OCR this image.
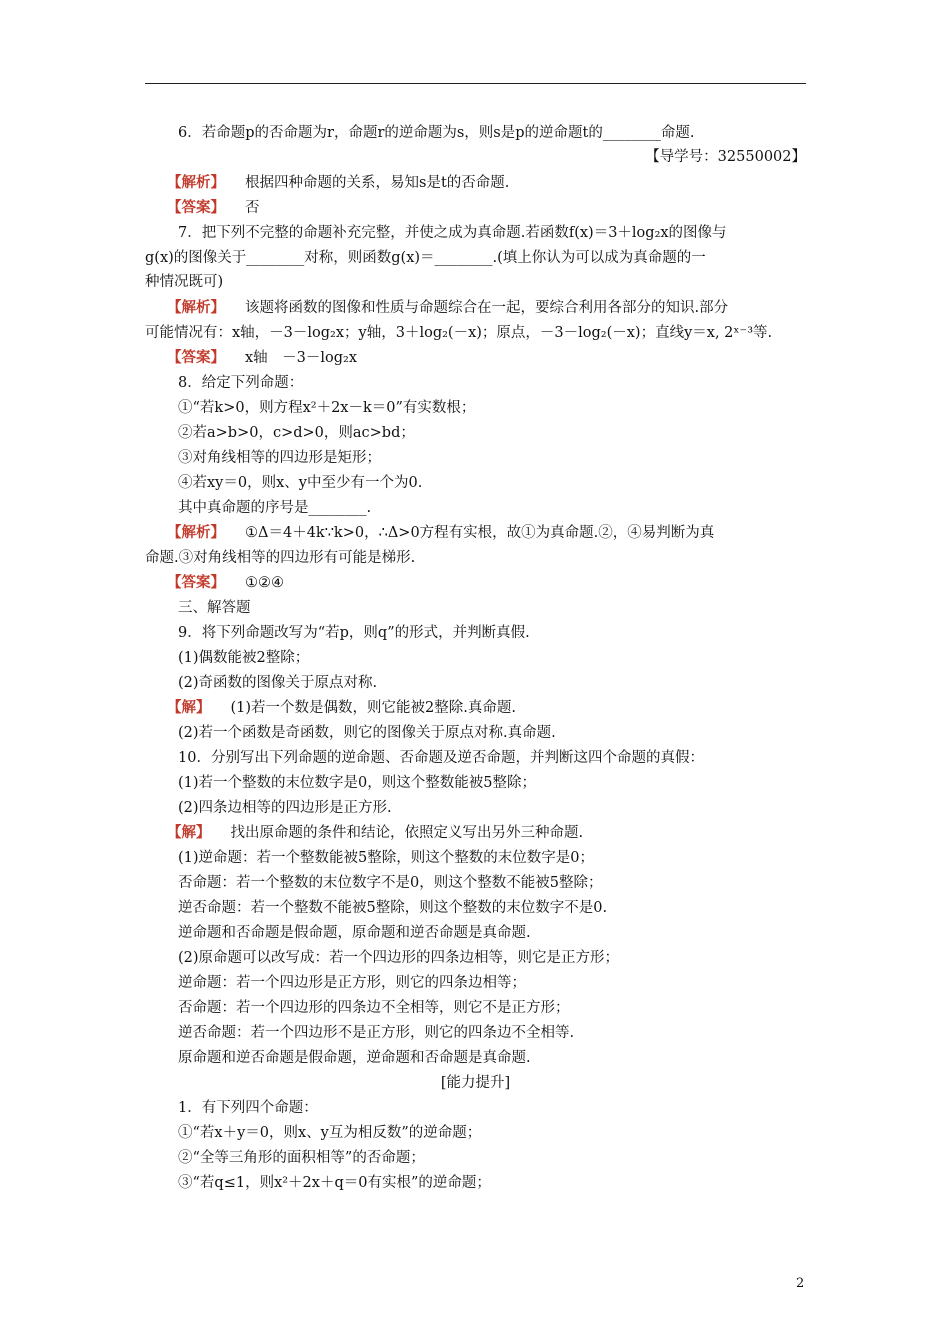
6．若命题p的否命题为r，命题r的逆命题为s，则s是p的逆命题t的________命题.
【导学号：32550002】
【解析】 根据四种命题的关系，易知s是t的否命题.
【答案】 否
7．把下列不完整的命题补充完整，并使之成为真命题.若函数f(x)＝3＋log₂x的图像与
g(x)的图像关于________对称，则函数g(x)＝________.(填上你认为可以成为真命题的一
种情况既可)
【解析】 该题将函数的图像和性质与命题综合在一起，要综合利用各部分的知识.部分
可能情况有：x轴，－3－log₂x；y轴，3＋log₂(－x)；原点，－3－log₂(－x)；直线y＝x, 2ˣ⁻³等.
【答案】 x轴　－3－log₂x
8．给定下列命题：
①“若k>0，则方程x²＋2x－k＝0”有实数根；
②若a>b>0，c>d>0，则ac>bd；
③对角线相等的四边形是矩形；
④若xy＝0，则x、y中至少有一个为0.
其中真命题的序号是________.
【解析】 ①Δ＝4＋4k∵k>0，∴Δ>0方程有实根，故①为真命题.②，④易判断为真
命题.③对角线相等的四边形有可能是梯形.
【答案】 ①②④
三、解答题
9．将下列命题改写为“若p，则q”的形式，并判断真假.
(1)偶数能被2整除；
(2)奇函数的图像关于原点对称.
【解】 (1)若一个数是偶数，则它能被2整除.真命题.
(2)若一个函数是奇函数，则它的图像关于原点对称.真命题.
10．分别写出下列命题的逆命题、否命题及逆否命题，并判断这四个命题的真假：
(1)若一个整数的末位数字是0，则这个整数能被5整除；
(2)四条边相等的四边形是正方形.
【解】 找出原命题的条件和结论，依照定义写出另外三种命题.
(1)逆命题：若一个整数能被5整除，则这个整数的末位数字是0；
否命题：若一个整数的末位数字不是0，则这个整数不能被5整除；
逆否命题：若一个整数不能被5整除，则这个整数的末位数字不是0.
逆命题和否命题是假命题，原命题和逆否命题是真命题.
(2)原命题可以改写成：若一个四边形的四条边相等，则它是正方形；
逆命题：若一个四边形是正方形，则它的四条边相等；
否命题：若一个四边形的四条边不全相等，则它不是正方形；
逆否命题：若一个四边形不是正方形，则它的四条边不全相等.
原命题和逆否命题是假命题，逆命题和否命题是真命题.
[能力提升]
1．有下列四个命题：
①“若x＋y＝0，则x、y互为相反数”的逆命题；
②“全等三角形的面积相等”的否命题；
③“若q≤1，则x²＋2x＋q＝0有实根”的逆命题；
2
